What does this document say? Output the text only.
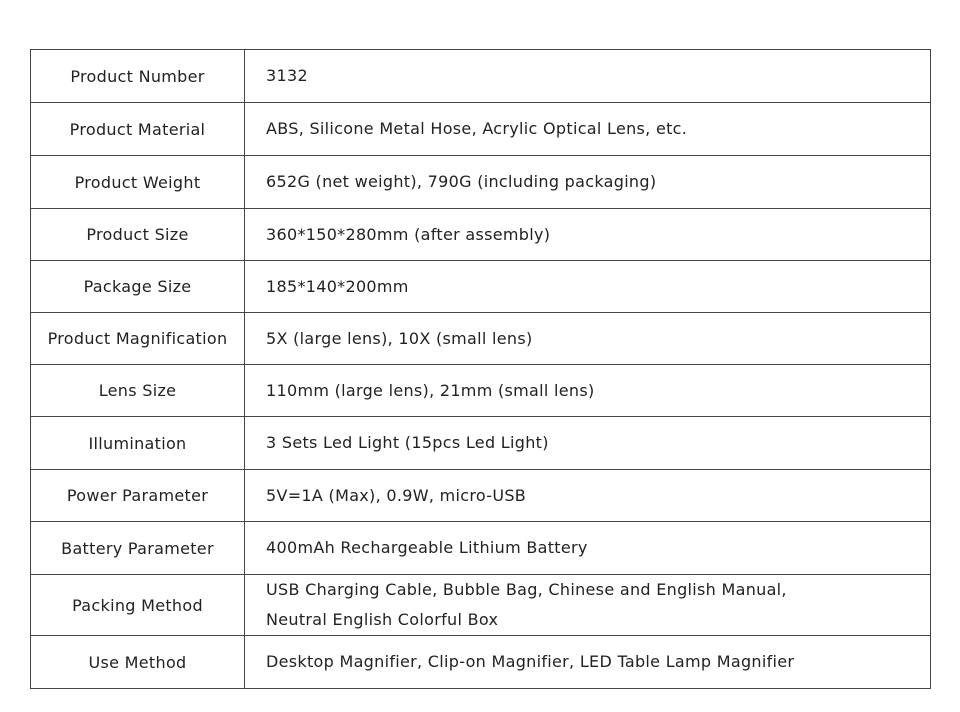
Product Number	3132
Product Material	ABS, Silicone Metal Hose, Acrylic Optical Lens, etc.
Product Weight	652G (net weight), 790G (including packaging)
Product Size	360*150*280mm (after assembly)
Package Size	185*140*200mm
Product Magnification	5X (large lens), 10X (small lens)
Lens Size	110mm (large lens), 21mm (small lens)
Illumination	3 Sets Led Light (15pcs Led Light)
Power Parameter	5V=1A (Max), 0.9W, micro-USB
Battery Parameter	400mAh Rechargeable Lithium Battery
Packing Method	USB Charging Cable, Bubble Bag, Chinese and English Manual,
Neutral English Colorful Box

Use Method	Desktop Magnifier, Clip-on Magnifier, LED Table Lamp Magnifier
